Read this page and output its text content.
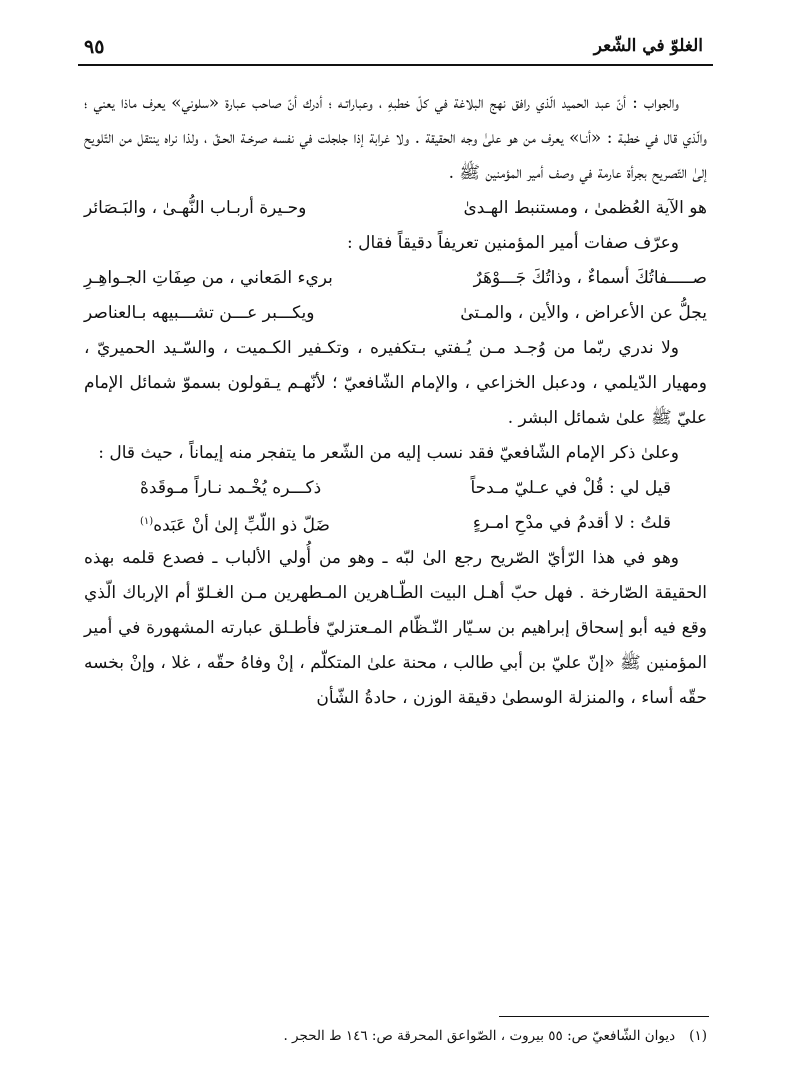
الغلوّ في الشّعر
٩٥

والجواب : أنّ عبد الحميد الّذي رافق نهج البلاغة في كلّ خطبهِ ، وعباراتـه ؛ أدرك أنّ صاحب عبارة «سلوني» يعرف ماذا يعني ؛ والّذي قال في خطبة : «أنـا» يعرف من هو علىٰ وجه الحقيقة . ولا غرابة إذا جلجلت في نفسه صرخـة الحـقّ ، ولذا نراه ينتقل من التّلويح إلىٰ التّصريح بجرأة عارمة في وصف أمير المؤمنين ﷺ .

هو الآية العُظمىٰ ، ومستنبط الهـدىٰ
وحـيرة أربـاب النُّهـىٰ ، والبَـصَائر

وعرّف صفات أمير المؤمنين تعريفاً دقيقاً فقال :

صـــــفاتُكَ أسماءٌ ، وذاتُكَ جَـــوْهَرٌ
بريء المَعاني ، من صِفَاتِ الجـواهِـرِ
يجلُّ عن الأعراض ، والأين ، والمـتىٰ
ويكـــبر عـــن تشـــبيهه بـالعناصر

ولا ندري ربّما من وُجـد مـن يُـفتي بـتكفيره ، وتكـفير الكـميت ، والسّـيد الحميريّ ، ومهيار الدّيلمي ، ودعبل الخزاعي ، والإمام الشّافعيّ ؛ لأنّهـم يـقولون بسموّ شمائل الإمام عليّ ﷺ علىٰ شمائل البشر .

وعلىٰ ذكر الإمام الشّافعيّ فقد نسب إليه من الشّعر ما يتفجر منه إيماناً ، حيث قال :

قيل لي : قُلْ في عـليّ مـدحاً
ذكـــره يُخْـمد نـاراً مـوقَدهْ
قلتُ : لا أقدمُ في مدْحِ امـرءٍ
ضَلّ ذو اللّبِّ إلىٰ أنْ عَبَده$^{(١)}$

وهو في هذا الرّأيّ الصّريح رجع الىٰ لبّه ـ وهو من أُولي الألباب ـ فصدع قلمه بهذه الحقيقة الصّارخة . فهل حبّ أهـل البيت الطّـاهرين المـطهرين مـن الغـلوّ أم الإرباك الّذي وقع فيه أبو إسحاق إبراهيم بن سـيّار النّـظّام المـعتزليّ فأطـلق عبارته المشهورة في أمير المؤمنين ﷺ «إنّ عليّ بن أبي طالب ، محنة علىٰ المتكلّم ، إنْ وفاهُ حقّه ، غلا ، وإنْ بخسه حقّه أساء ، والمنزلة الوسطىٰ دقيقة الوزن ، حادةُ الشّأن

(١)ديوان الشّافعيّ ص: ٥٥ بيروت ، الصّواعق المحرقة ص: ١٤٦ ط الحجر .
